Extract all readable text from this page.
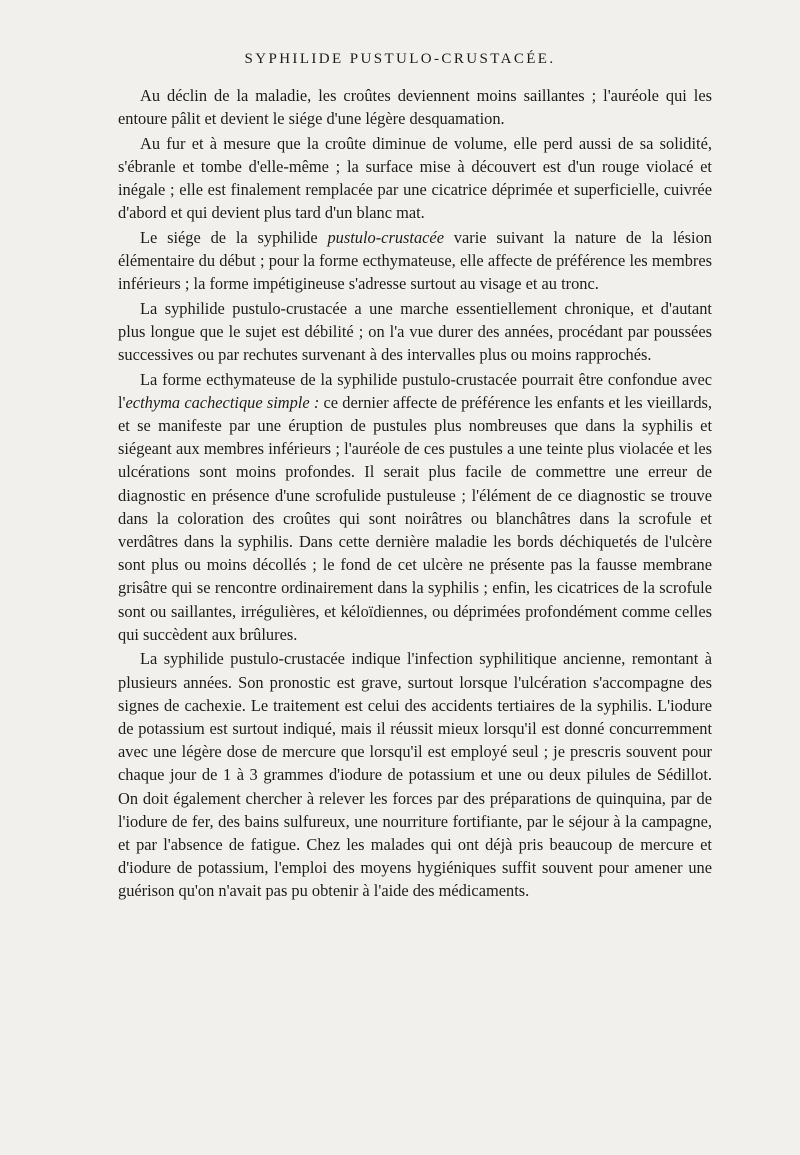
SYPHILIDE PUSTULO-CRUSTACÉE.

Au déclin de la maladie, les croûtes deviennent moins saillantes ; l'auréole qui les entoure pâlit et devient le siége d'une légère desquamation.

Au fur et à mesure que la croûte diminue de volume, elle perd aussi de sa solidité, s'ébranle et tombe d'elle-même ; la surface mise à découvert est d'un rouge violacé et inégale ; elle est finalement remplacée par une cicatrice déprimée et superficielle, cuivrée d'abord et qui devient plus tard d'un blanc mat.

Le siége de la syphilide pustulo-crustacée varie suivant la nature de la lésion élémentaire du début ; pour la forme ecthymateuse, elle affecte de préférence les membres inférieurs ; la forme impétigineuse s'adresse surtout au visage et au tronc.

La syphilide pustulo-crustacée a une marche essentiellement chronique, et d'autant plus longue que le sujet est débilité ; on l'a vue durer des années, procédant par poussées successives ou par rechutes survenant à des intervalles plus ou moins rapprochés.

La forme ecthymateuse de la syphilide pustulo-crustacée pourrait être confondue avec l'ecthyma cachectique simple : ce dernier affecte de préférence les enfants et les vieillards, et se manifeste par une éruption de pustules plus nombreuses que dans la syphilis et siégeant aux membres inférieurs ; l'auréole de ces pustules a une teinte plus violacée et les ulcérations sont moins profondes. Il serait plus facile de commettre une erreur de diagnostic en présence d'une scrofulide pustuleuse ; l'élément de ce diagnostic se trouve dans la coloration des croûtes qui sont noirâtres ou blanchâtres dans la scrofule et verdâtres dans la syphilis. Dans cette dernière maladie les bords déchiquetés de l'ulcère sont plus ou moins décollés ; le fond de cet ulcère ne présente pas la fausse membrane grisâtre qui se rencontre ordinairement dans la syphilis ; enfin, les cicatrices de la scrofule sont ou saillantes, irrégulières, et kéloïdiennes, ou déprimées profondément comme celles qui succèdent aux brûlures.

La syphilide pustulo-crustacée indique l'infection syphilitique ancienne, remontant à plusieurs années. Son pronostic est grave, surtout lorsque l'ulcération s'accompagne des signes de cachexie. Le traitement est celui des accidents tertiaires de la syphilis. L'iodure de potassium est surtout indiqué, mais il réussit mieux lorsqu'il est donné concurremment avec une légère dose de mercure que lorsqu'il est employé seul ; je prescris souvent pour chaque jour de 1 à 3 grammes d'iodure de potassium et une ou deux pilules de Sédillot. On doit également chercher à relever les forces par des préparations de quinquina, par de l'iodure de fer, des bains sulfureux, une nourriture fortifiante, par le séjour à la campagne, et par l'absence de fatigue. Chez les malades qui ont déjà pris beaucoup de mercure et d'iodure de potassium, l'emploi des moyens hygiéniques suffit souvent pour amener une guérison qu'on n'avait pas pu obtenir à l'aide des médicaments.
